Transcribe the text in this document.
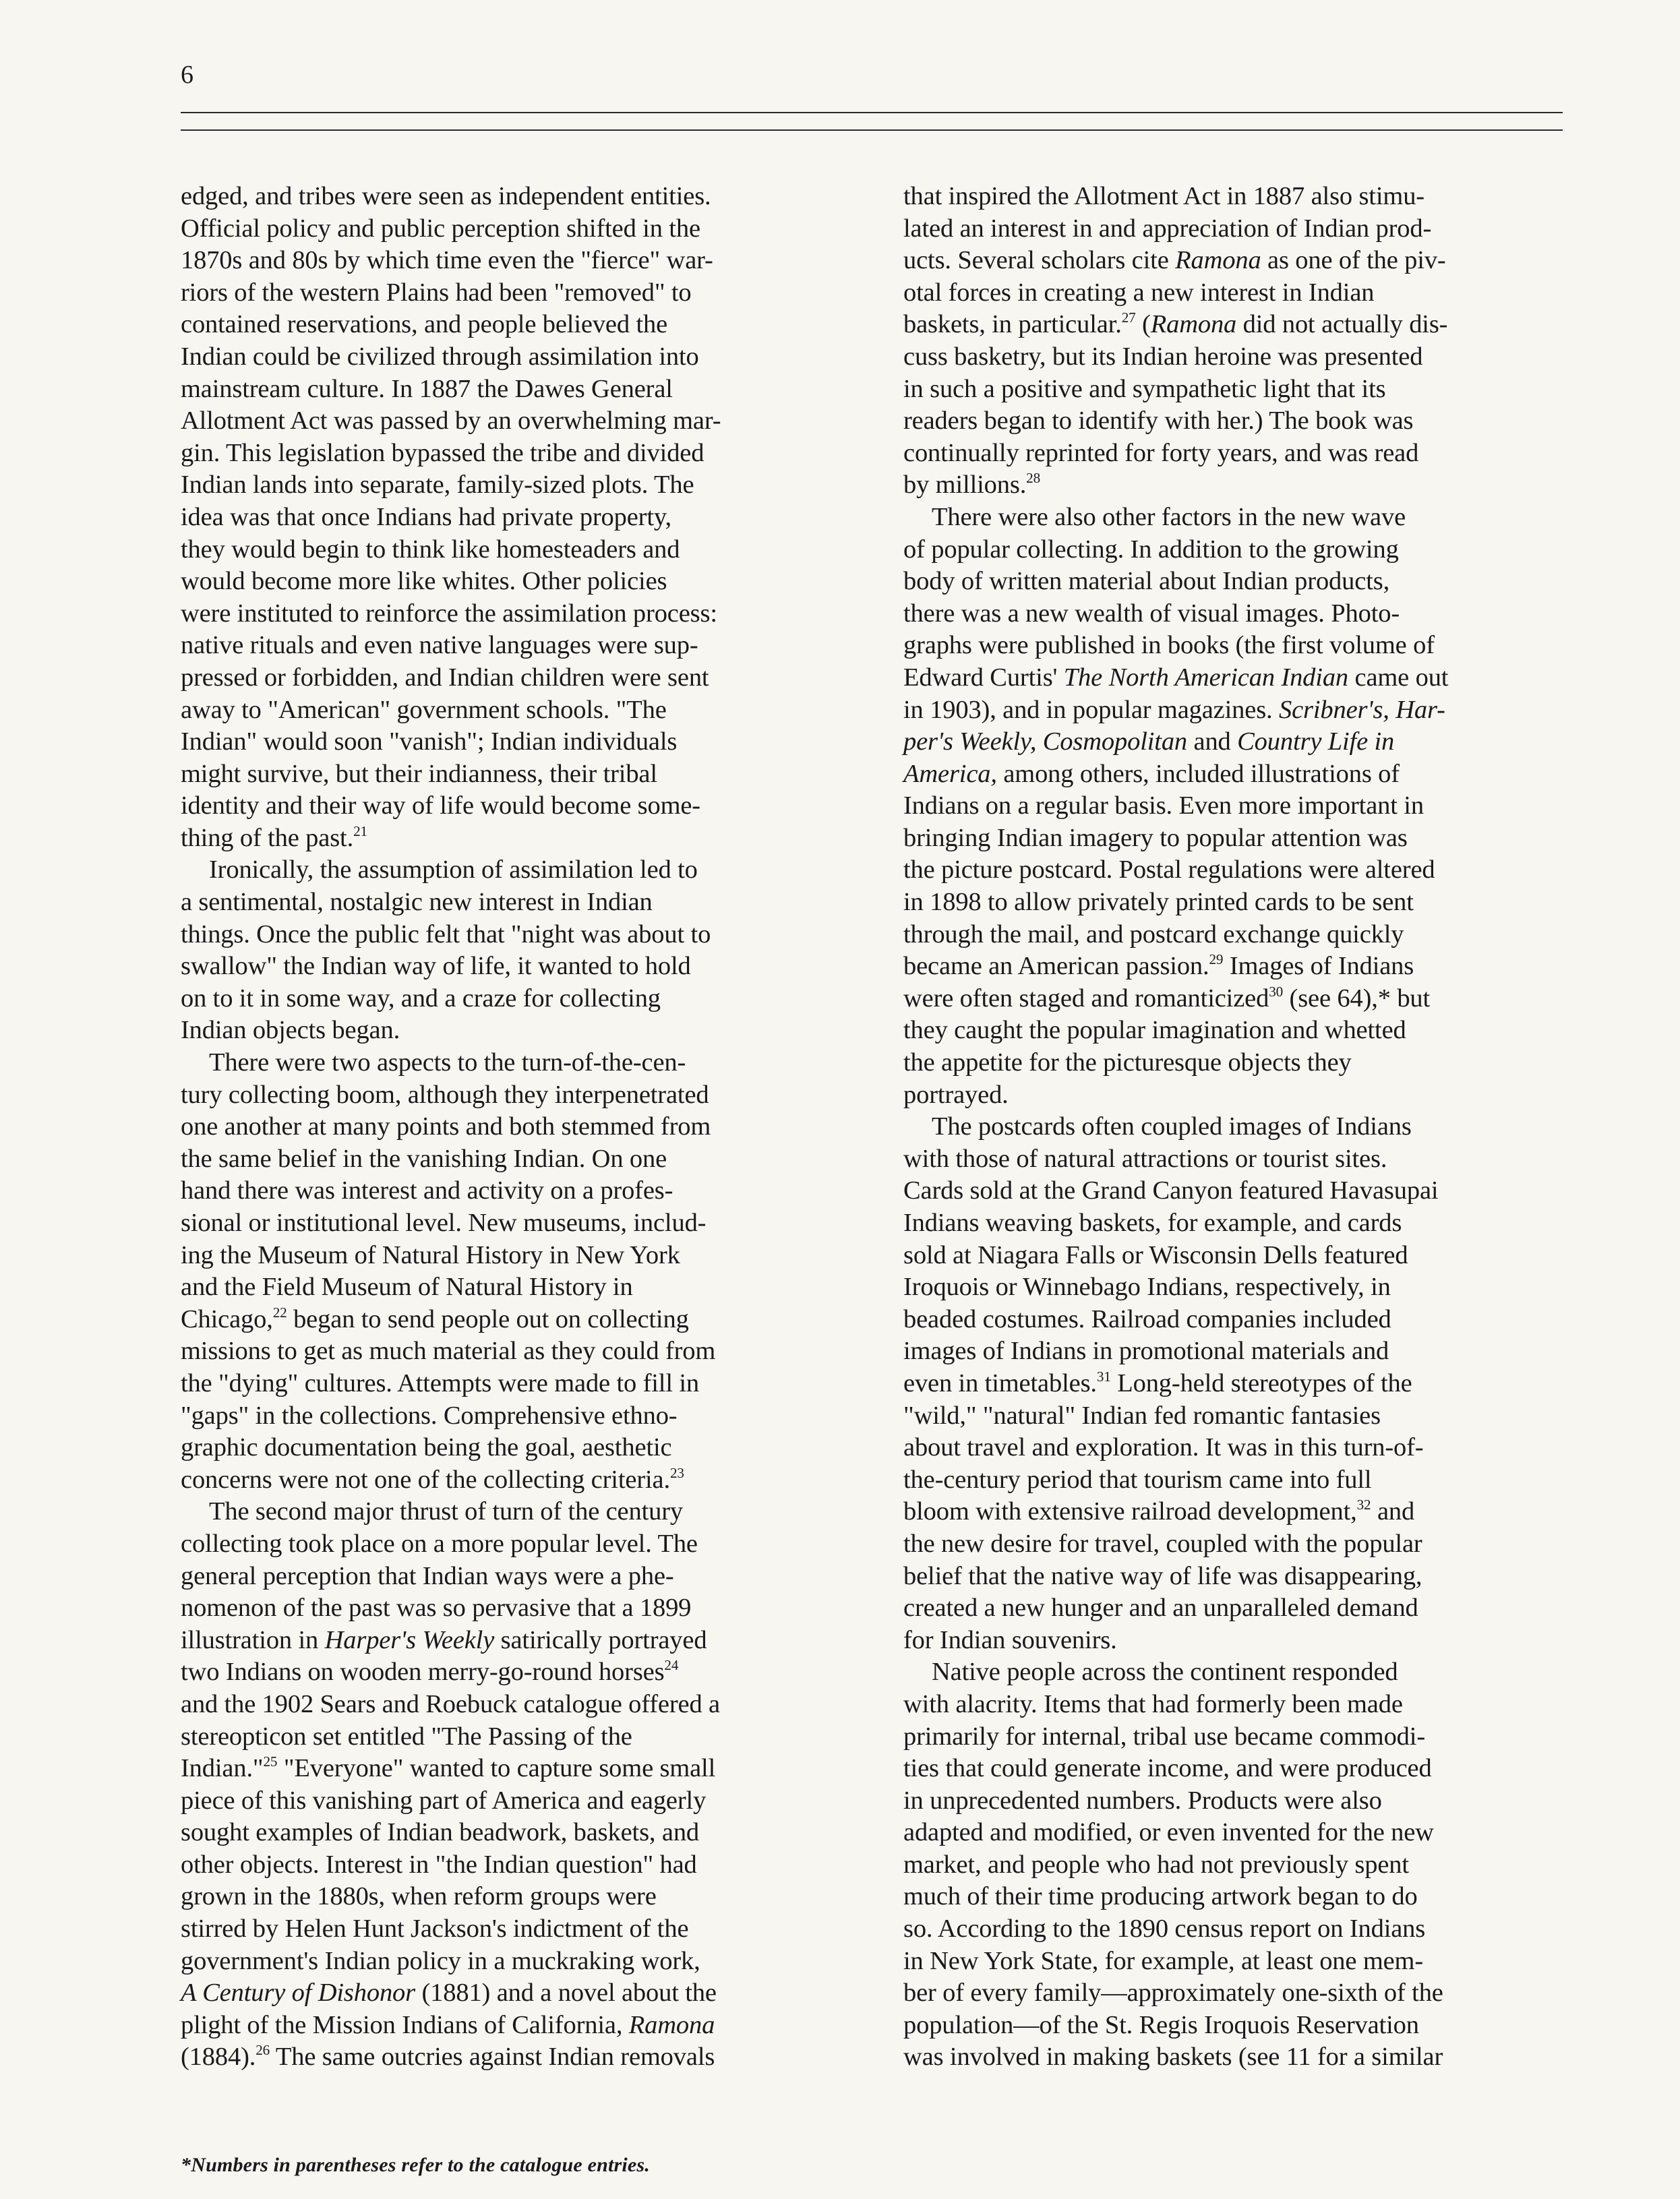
6
edged, and tribes were seen as independent entities.
Official policy and public perception shifted in the
1870s and 80s by which time even the "fierce" war-
riors of the western Plains had been "removed" to
contained reservations, and people believed the
Indian could be civilized through assimilation into
mainstream culture. In 1887 the Dawes General
Allotment Act was passed by an overwhelming mar-
gin. This legislation bypassed the tribe and divided
Indian lands into separate, family-sized plots. The
idea was that once Indians had private property,
they would begin to think like homesteaders and
would become more like whites. Other policies
were instituted to reinforce the assimilation process:
native rituals and even native languages were sup-
pressed or forbidden, and Indian children were sent
away to "American" government schools. "The
Indian" would soon "vanish"; Indian individuals
might survive, but their indianness, their tribal
identity and their way of life would become some-
thing of the past.$^{21}$
Ironically, the assumption of assimilation led to
a sentimental, nostalgic new interest in Indian
things. Once the public felt that "night was about to
swallow" the Indian way of life, it wanted to hold
on to it in some way, and a craze for collecting
Indian objects began.
There were two aspects to the turn-of-the-cen-
tury collecting boom, although they interpenetrated
one another at many points and both stemmed from
the same belief in the vanishing Indian. On one
hand there was interest and activity on a profes-
sional or institutional level. New museums, includ-
ing the Museum of Natural History in New York
and the Field Museum of Natural History in
Chicago,$^{22}$ began to send people out on collecting
missions to get as much material as they could from
the "dying" cultures. Attempts were made to fill in
"gaps" in the collections. Comprehensive ethno-
graphic documentation being the goal, aesthetic
concerns were not one of the collecting criteria.$^{23}$
The second major thrust of turn of the century
collecting took place on a more popular level. The
general perception that Indian ways were a phe-
nomenon of the past was so pervasive that a 1899
illustration in Harper's Weekly satirically portrayed
two Indians on wooden merry-go-round horses$^{24}$
and the 1902 Sears and Roebuck catalogue offered a
stereopticon set entitled "The Passing of the
Indian."$^{25}$ "Everyone" wanted to capture some small
piece of this vanishing part of America and eagerly
sought examples of Indian beadwork, baskets, and
other objects. Interest in "the Indian question" had
grown in the 1880s, when reform groups were
stirred by Helen Hunt Jackson's indictment of the
government's Indian policy in a muckraking work,
A Century of Dishonor (1881) and a novel about the
plight of the Mission Indians of California, Ramona
(1884).$^{26}$ The same outcries against Indian removals
that inspired the Allotment Act in 1887 also stimu-
lated an interest in and appreciation of Indian prod-
ucts. Several scholars cite Ramona as one of the piv-
otal forces in creating a new interest in Indian
baskets, in particular.$^{27}$ (Ramona did not actually dis-
cuss basketry, but its Indian heroine was presented
in such a positive and sympathetic light that its
readers began to identify with her.) The book was
continually reprinted for forty years, and was read
by millions.$^{28}$
There were also other factors in the new wave
of popular collecting. In addition to the growing
body of written material about Indian products,
there was a new wealth of visual images. Photo-
graphs were published in books (the first volume of
Edward Curtis' The North American Indian came out
in 1903), and in popular magazines. Scribner's, Har-
per's Weekly, Cosmopolitan and Country Life in
America, among others, included illustrations of
Indians on a regular basis. Even more important in
bringing Indian imagery to popular attention was
the picture postcard. Postal regulations were altered
in 1898 to allow privately printed cards to be sent
through the mail, and postcard exchange quickly
became an American passion.$^{29}$ Images of Indians
were often staged and romanticized$^{30}$ (see 64),* but
they caught the popular imagination and whetted
the appetite for the picturesque objects they
portrayed.
The postcards often coupled images of Indians
with those of natural attractions or tourist sites.
Cards sold at the Grand Canyon featured Havasupai
Indians weaving baskets, for example, and cards
sold at Niagara Falls or Wisconsin Dells featured
Iroquois or Winnebago Indians, respectively, in
beaded costumes. Railroad companies included
images of Indians in promotional materials and
even in timetables.$^{31}$ Long-held stereotypes of the
"wild," "natural" Indian fed romantic fantasies
about travel and exploration. It was in this turn-of-
the-century period that tourism came into full
bloom with extensive railroad development,$^{32}$ and
the new desire for travel, coupled with the popular
belief that the native way of life was disappearing,
created a new hunger and an unparalleled demand
for Indian souvenirs.
Native people across the continent responded
with alacrity. Items that had formerly been made
primarily for internal, tribal use became commodi-
ties that could generate income, and were produced
in unprecedented numbers. Products were also
adapted and modified, or even invented for the new
market, and people who had not previously spent
much of their time producing artwork began to do
so. According to the 1890 census report on Indians
in New York State, for example, at least one mem-
ber of every family—approximately one-sixth of the
population—of the St. Regis Iroquois Reservation
was involved in making baskets (see 11 for a similar
*Numbers in parentheses refer to the catalogue entries.
